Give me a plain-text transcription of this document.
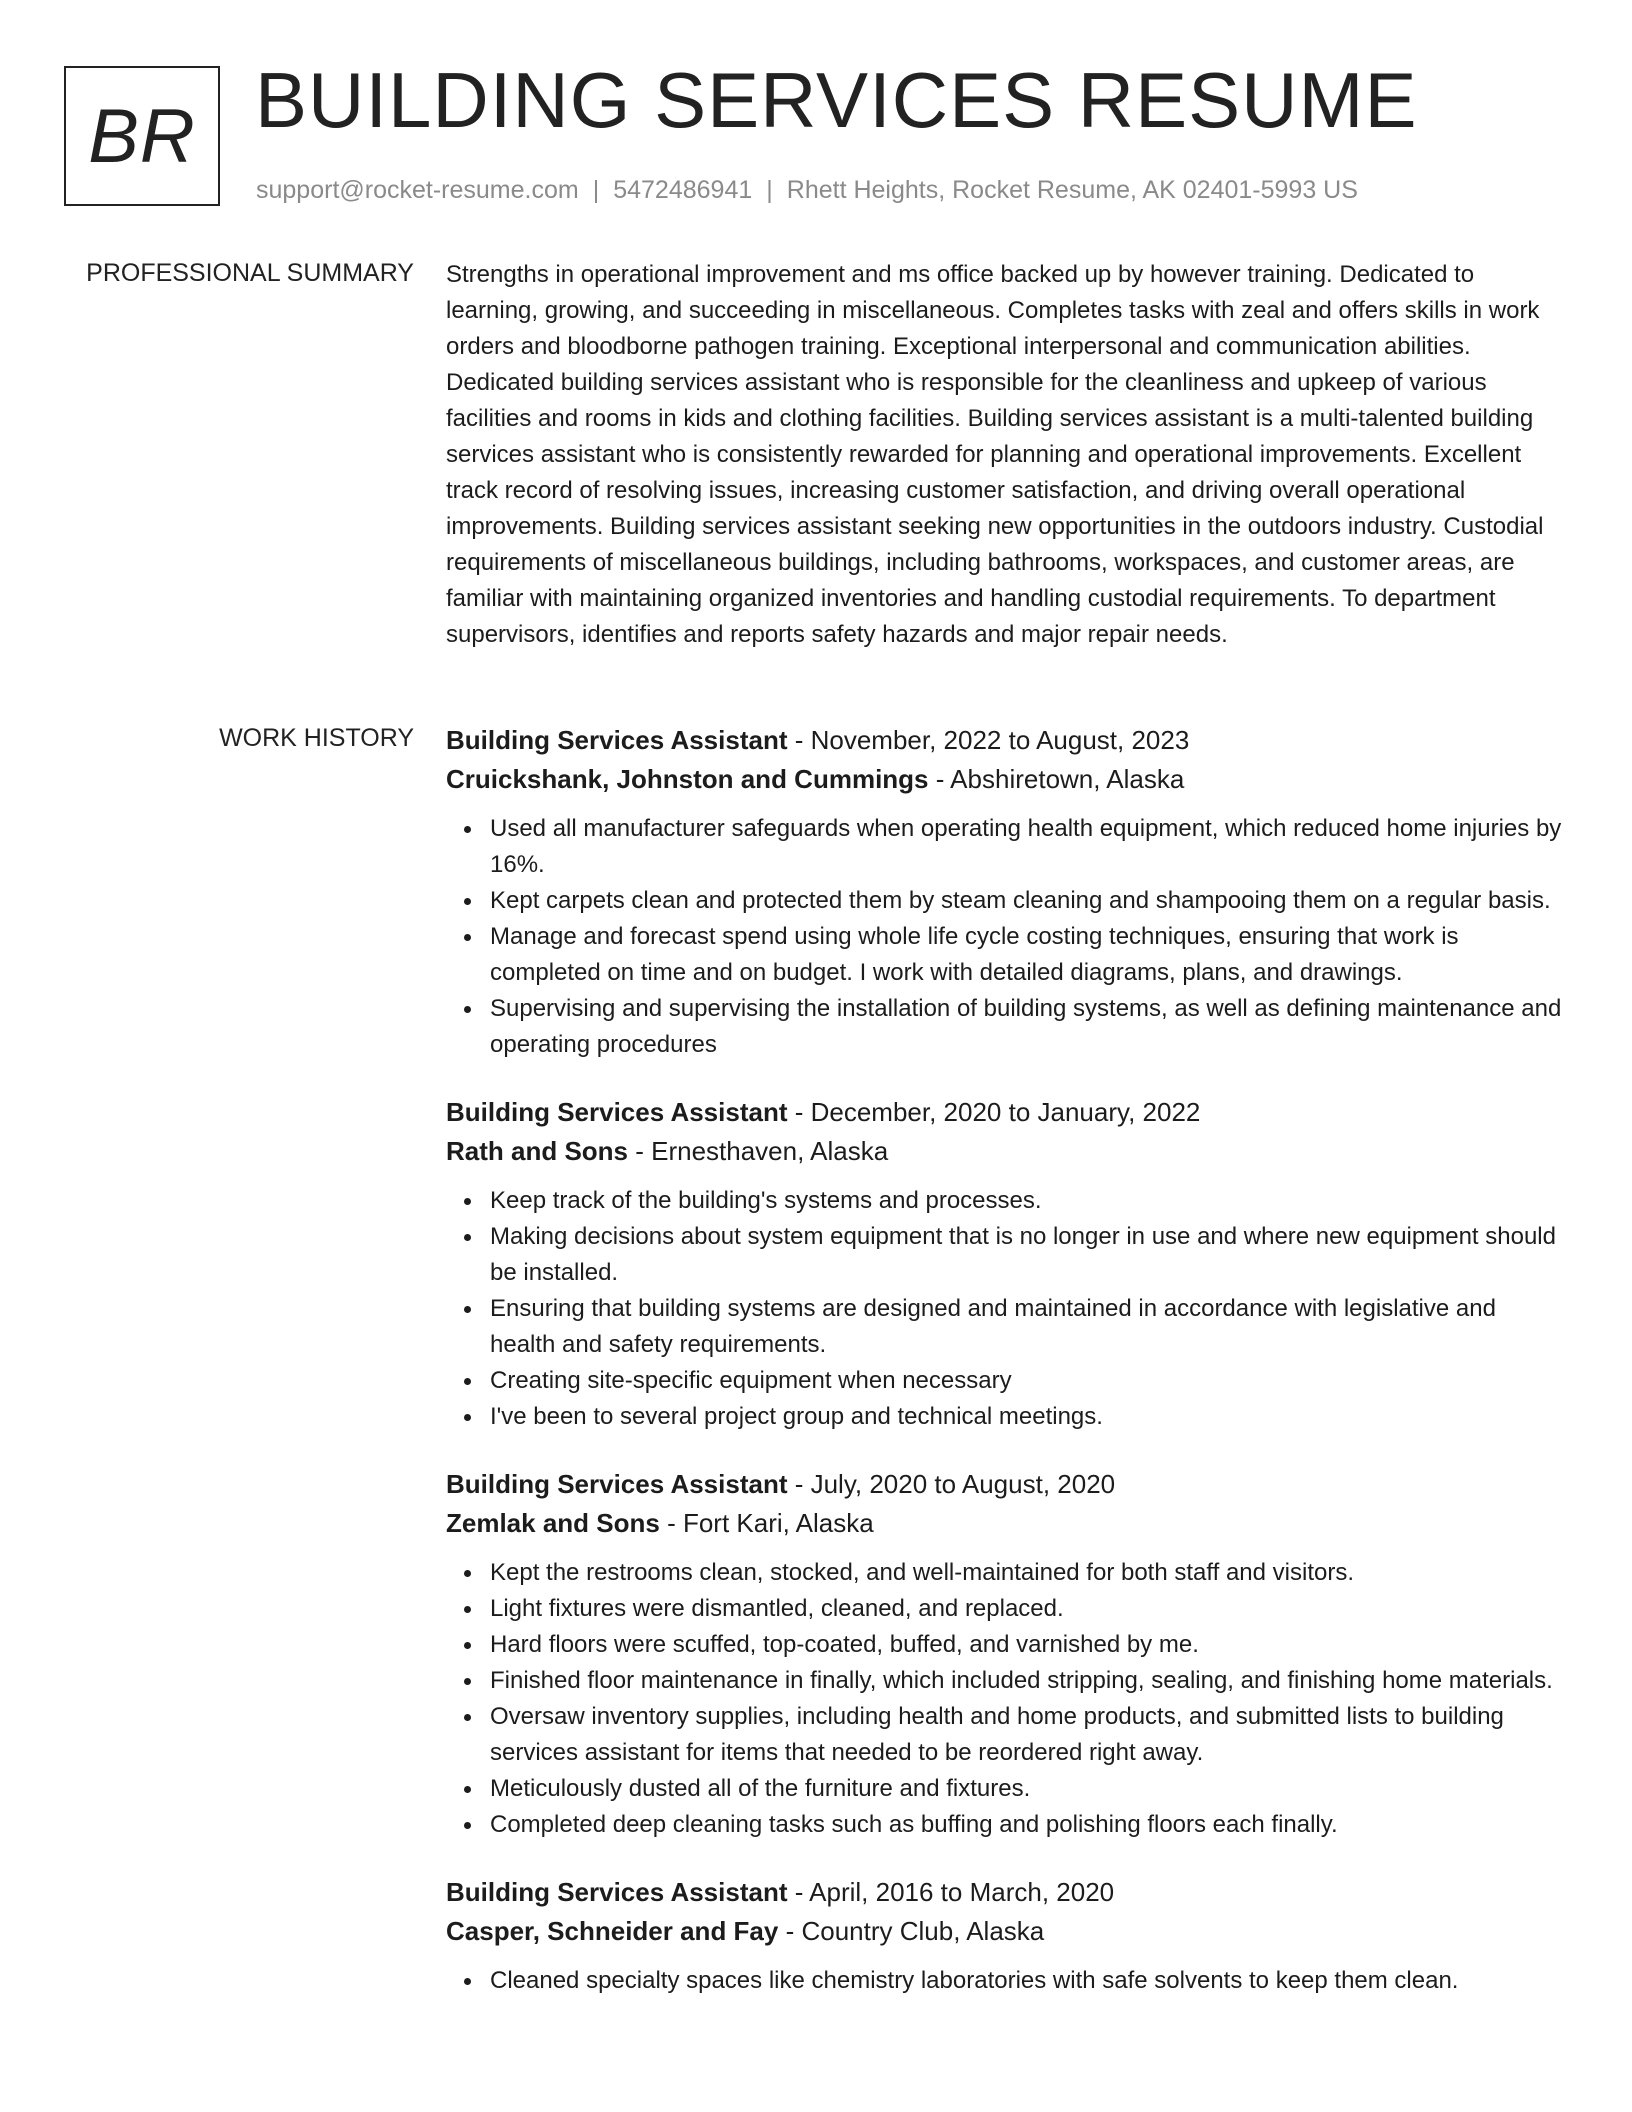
BR BUILDING SERVICES RESUME
support@rocket-resume.com | 5472486941 | Rhett Heights, Rocket Resume, AK 02401-5993 US
PROFESSIONAL SUMMARY Strengths in operational improvement and ms office backed up by however training. Dedicated to learning, growing, and succeeding in miscellaneous. Completes tasks with zeal and offers skills in work orders and bloodborne pathogen training. Exceptional interpersonal and communication abilities. Dedicated building services assistant who is responsible for the cleanliness and upkeep of various facilities and rooms in kids and clothing facilities. Building services assistant is a multi-talented building services assistant who is consistently rewarded for planning and operational improvements. Excellent track record of resolving issues, increasing customer satisfaction, and driving overall operational improvements. Building services assistant seeking new opportunities in the outdoors industry. Custodial requirements of miscellaneous buildings, including bathrooms, workspaces, and customer areas, are familiar with maintaining organized inventories and handling custodial requirements. To department supervisors, identifies and reports safety hazards and major repair needs.

WORK HISTORY Building Services Assistant - November, 2022 to August, 2023
Cruickshank, Johnston and Cummings - Abshiretown, Alaska
Used all manufacturer safeguards when operating health equipment, which reduced home injuries by 16%.
Kept carpets clean and protected them by steam cleaning and shampooing them on a regular basis.
Manage and forecast spend using whole life cycle costing techniques, ensuring that work is completed on time and on budget. I work with detailed diagrams, plans, and drawings.
Supervising and supervising the installation of building systems, as well as defining maintenance and operating procedures
Building Services Assistant - December, 2020 to January, 2022
Rath and Sons - Ernesthaven, Alaska
Keep track of the building's systems and processes.
Making decisions about system equipment that is no longer in use and where new equipment should be installed.
Ensuring that building systems are designed and maintained in accordance with legislative and health and safety requirements.
Creating site-specific equipment when necessary
I've been to several project group and technical meetings.
Building Services Assistant - July, 2020 to August, 2020
Zemlak and Sons - Fort Kari, Alaska
Kept the restrooms clean, stocked, and well-maintained for both staff and visitors.
Light fixtures were dismantled, cleaned, and replaced.
Hard floors were scuffed, top-coated, buffed, and varnished by me.
Finished floor maintenance in finally, which included stripping, sealing, and finishing home materials.
Oversaw inventory supplies, including health and home products, and submitted lists to building services assistant for items that needed to be reordered right away.
Meticulously dusted all of the furniture and fixtures.
Completed deep cleaning tasks such as buffing and polishing floors each finally.
Building Services Assistant - April, 2016 to March, 2020
Casper, Schneider and Fay - Country Club, Alaska
Cleaned specialty spaces like chemistry laboratories with safe solvents to keep them clean.
